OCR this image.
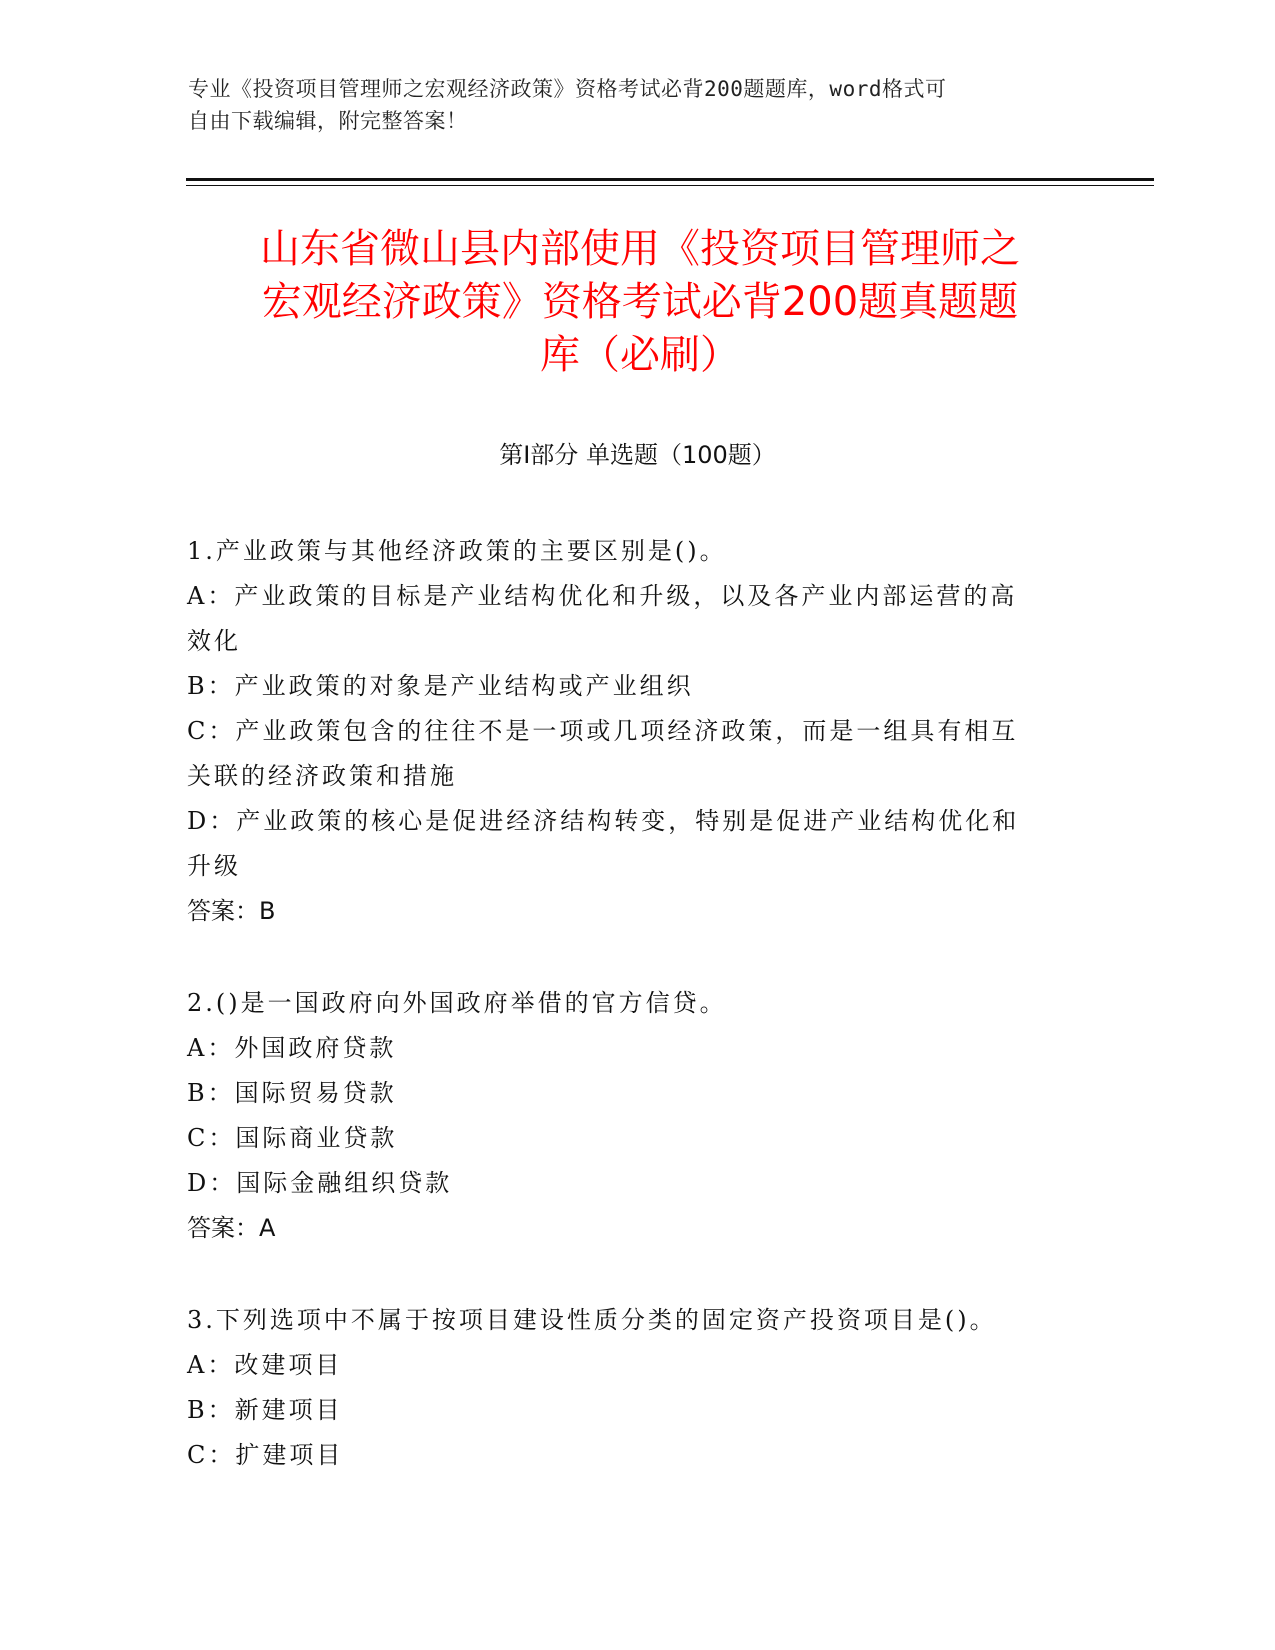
专业《投资项目管理师之宏观经济政策》资格考试必背200题题库，word格式可
自由下载编辑，附完整答案！
山东省微山县内部使用《投资项目管理师之
宏观经济政策》资格考试必背200题真题题
库（必刷）
第Ⅰ部分 单选题（100题）
1.产业政策与其他经济政策的主要区别是()。
A：产业政策的目标是产业结构优化和升级，以及各产业内部运营的高
效化
B：产业政策的对象是产业结构或产业组织
C：产业政策包含的往往不是一项或几项经济政策，而是一组具有相互
关联的经济政策和措施
D：产业政策的核心是促进经济结构转变，特别是促进产业结构优化和
升级
答案：B
2.()是一国政府向外国政府举借的官方信贷。
A：外国政府贷款
B：国际贸易贷款
C：国际商业贷款
D：国际金融组织贷款
答案：A
3.下列选项中不属于按项目建设性质分类的固定资产投资项目是()。
A：改建项目
B：新建项目
C：扩建项目
